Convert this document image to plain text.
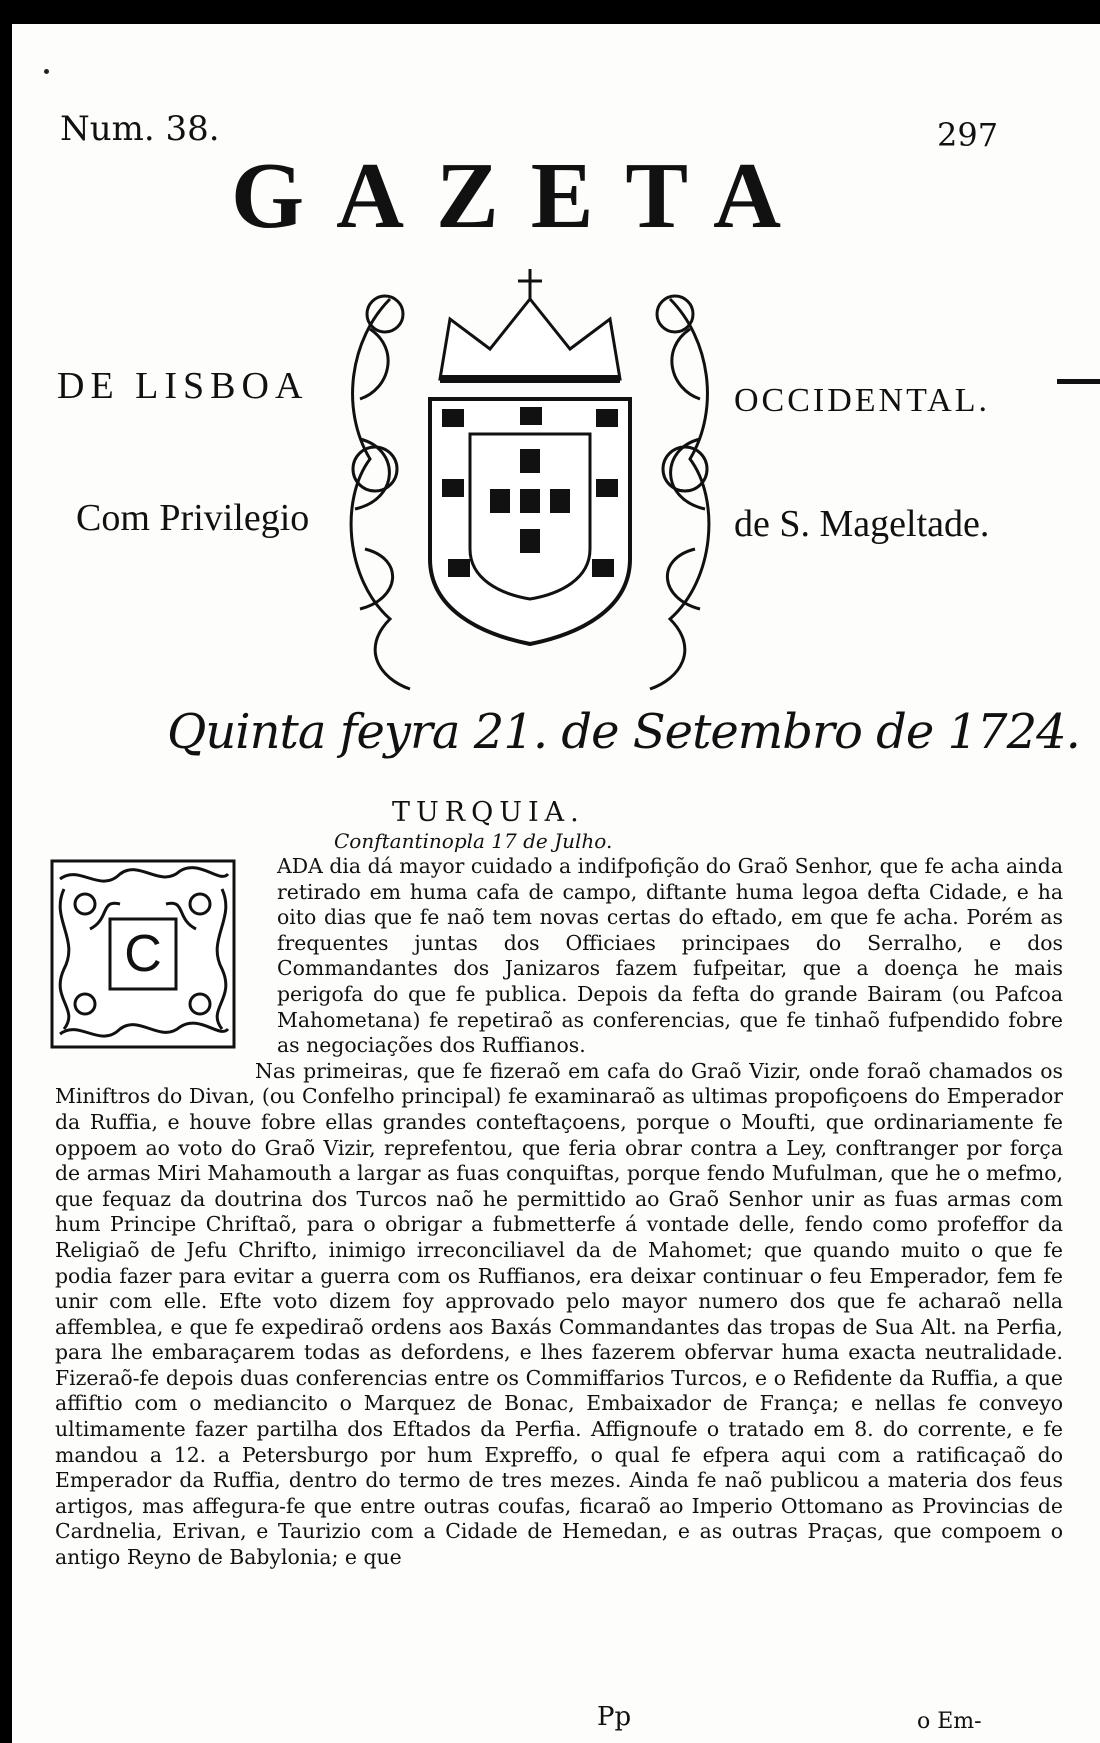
Num. 38.	297
GAZETA
DE LISBOA	OCCIDENTAL.
Com Privilegio	de S. Mageltade.
Quinta feyra 21. de Setembro de 1724.
TURQUIA.
Conftantinopla 17 de Julho.
C

ADA dia dá mayor cuidado a indifpofição do Graõ Senhor, que fe acha ainda retirado em huma cafa de campo, diftante huma legoa defta Cidade, e ha oito dias que fe naõ tem novas certas do eftado, em que fe acha. Porém as frequentes juntas dos Officiaes principaes do Serralho, e dos Commandantes dos Janizaros fazem fufpeitar, que a doença he mais perigofa do que fe publica. Depois da fefta do grande Bairam (ou Pafcoa Mahometana) fe repetiraõ as conferencias, que fe tinhaõ fufpendido fobre as negociações dos Ruffianos.

Nas primeiras, que fe fizeraõ em cafa do Graõ Vizir, onde foraõ chamados os Miniftros do Divan, (ou Confelho principal) fe examinaraõ as ultimas propofiçoens do Emperador da Ruffia, e houve fobre ellas grandes conteftaçoens, porque o Moufti, que ordinariamente fe oppoem ao voto do Graõ Vizir, reprefentou, que feria obrar contra a Ley, conftranger por força de armas Miri Mahamouth a largar as fuas conquiftas, porque fendo Mufulman, que he o mefmo, que fequaz da doutrina dos Turcos naõ he permittido ao Graõ Senhor unir as fuas armas com hum Principe Chriftaõ, para o obrigar a fubmetterfe á vontade delle, fendo como profeffor da Religiaõ de Jefu Chrifto, inimigo irreconciliavel da de Mahomet; que quando muito o que fe podia fazer para evitar a guerra com os Ruffianos, era deixar continuar o feu Emperador, fem fe unir com elle. Efte voto dizem foy approvado pelo mayor numero dos que fe acharaõ nella affemblea, e que fe expediraõ ordens aos Baxás Commandantes das tropas de Sua Alt. na Perfia, para lhe embaraçarem todas as defordens, e lhes fazerem obfervar huma exacta neutralidade. Fizeraõ-fe depois duas conferencias entre os Commiffarios Turcos, e o Refidente da Ruffia, a que affiftio com o mediancito o Marquez de Bonac, Embaixador de França; e nellas fe conveyo ultimamente fazer partilha dos Eftados da Perfia. Affignoufe o tratado em 8. do corrente, e fe mandou a 12. a Petersburgo por hum Expreffo, o qual fe efpera aqui com a ratificaçaõ do Emperador da Ruffia, dentro do termo de tres mezes. Ainda fe naõ publicou a materia dos feus artigos, mas affegura-fe que entre outras coufas, ficaraõ ao Imperio Ottomano as Provincias de Cardnelia, Erivan, e Taurizio com a Cidade de Hemedan, e as outras Praças, que compoem o antigo Reyno de Babylonia; e que

Pp	o Em-
